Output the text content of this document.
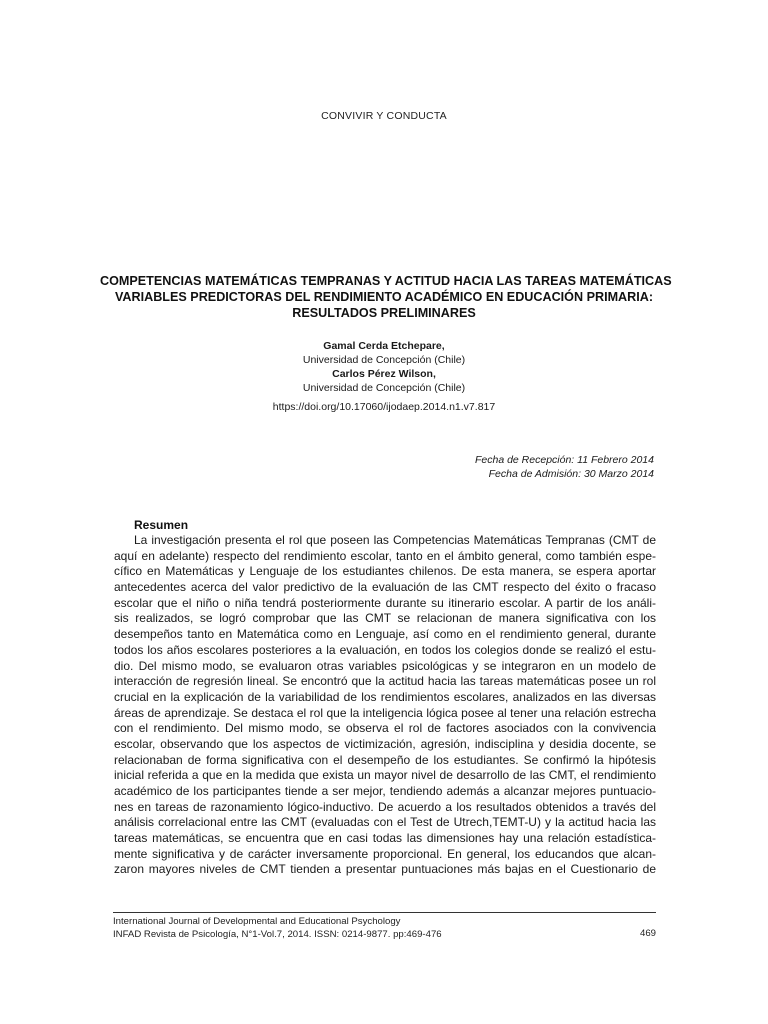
CONVIVIR Y CONDUCTA
COMPETENCIAS MATEMÁTICAS TEMPRANAS Y ACTITUD HACIA LAS TAREAS MATEMÁTICAS
VARIABLES PREDICTORAS DEL RENDIMIENTO ACADÉMICO EN EDUCACIÓN PRIMARIA:
RESULTADOS PRELIMINARES
Gamal Cerda Etchepare,
Universidad de Concepción (Chile)
Carlos Pérez Wilson,
Universidad de Concepción (Chile)
https://doi.org/10.17060/ijodaep.2014.n1.v7.817
Fecha de Recepción: 11 Febrero 2014
Fecha de Admisión: 30 Marzo 2014
Resumen
La investigación presenta el rol que poseen las Competencias Matemáticas Tempranas (CMT de
aquí en adelante) respecto del rendimiento escolar, tanto en el ámbito general, como también espe-
cífico en Matemáticas y Lenguaje de los estudiantes chilenos. De esta manera, se espera aportar
antecedentes acerca del valor predictivo de la evaluación de las CMT respecto del éxito o fracaso
escolar que el niño o niña tendrá posteriormente durante su itinerario escolar. A partir de los análi-
sis realizados, se logró comprobar que las CMT se relacionan de manera significativa con los
desempeños tanto en Matemática como en Lenguaje, así como en el rendimiento general, durante
todos los años escolares posteriores a la evaluación, en todos los colegios donde se realizó el estu-
dio. Del mismo modo, se evaluaron otras variables psicológicas y se integraron en un modelo de
interacción de regresión lineal. Se encontró que la actitud hacia las tareas matemáticas posee un rol
crucial en la explicación de la variabilidad de los rendimientos escolares, analizados en las diversas
áreas de aprendizaje. Se destaca el rol que la inteligencia lógica posee al tener una relación estrecha
con el rendimiento. Del mismo modo, se observa el rol de factores asociados con la convivencia
escolar, observando que los aspectos de victimización, agresión, indisciplina y desidia docente, se
relacionaban de forma significativa con el desempeño de los estudiantes. Se confirmó la hipótesis
inicial referida a que en la medida que exista un mayor nivel de desarrollo de las CMT, el rendimiento
académico de los participantes tiende a ser mejor, tendiendo además a alcanzar mejores puntuacio-
nes en tareas de razonamiento lógico-inductivo. De acuerdo a los resultados obtenidos a través del
análisis correlacional entre las CMT (evaluadas con el Test de Utrech,TEMT-U) y la actitud hacia las
tareas matemáticas, se encuentra que en casi todas las dimensiones hay una relación estadística-
mente significativa y de carácter inversamente proporcional. En general, los educandos que alcan-
zaron mayores niveles de CMT tienden a presentar puntuaciones más bajas en el Cuestionario de
International Journal of Developmental and Educational Psychology
INFAD Revista de Psicología, N°1-Vol.7, 2014. ISSN: 0214-9877. pp:469-476	469
